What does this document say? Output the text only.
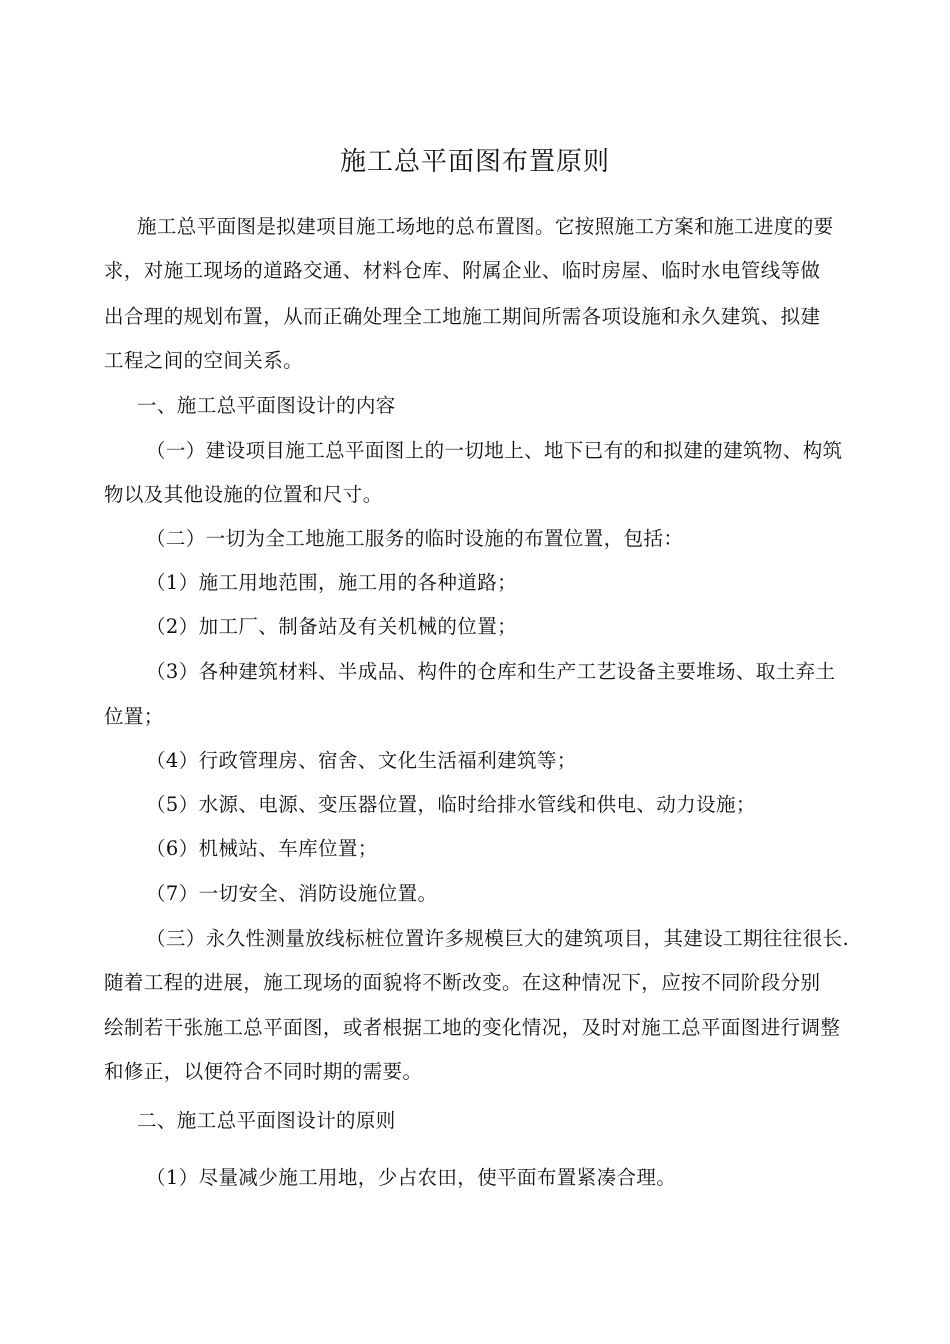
施工总平面图布置原则
施工总平面图是拟建项目施工场地的总布置图。它按照施工方案和施工进度的要
求，对施工现场的道路交通、材料仓库、附属企业、临时房屋、临时水电管线等做
出合理的规划布置，从而正确处理全工地施工期间所需各项设施和永久建筑、拟建
工程之间的空间关系。
一、施工总平面图设计的内容
（一）建设项目施工总平面图上的一切地上、地下已有的和拟建的建筑物、构筑
物以及其他设施的位置和尺寸。
（二）一切为全工地施工服务的临时设施的布置位置，包括：
（1）施工用地范围，施工用的各种道路；
（2）加工厂、制备站及有关机械的位置；
（3）各种建筑材料、半成品、构件的仓库和生产工艺设备主要堆场、取土弃土
位置；
（4）行政管理房、宿舍、文化生活福利建筑等；
（5）水源、电源、变压器位置，临时给排水管线和供电、动力设施；
（6）机械站、车库位置；
（7）一切安全、消防设施位置。
（三）永久性测量放线标桩位置许多规模巨大的建筑项目，其建设工期往往很长.
随着工程的进展，施工现场的面貌将不断改变。在这种情况下，应按不同阶段分别
绘制若干张施工总平面图，或者根据工地的变化情况，及时对施工总平面图进行调整
和修正，以便符合不同时期的需要。
二、施工总平面图设计的原则
（1）尽量减少施工用地，少占农田，使平面布置紧凑合理。
